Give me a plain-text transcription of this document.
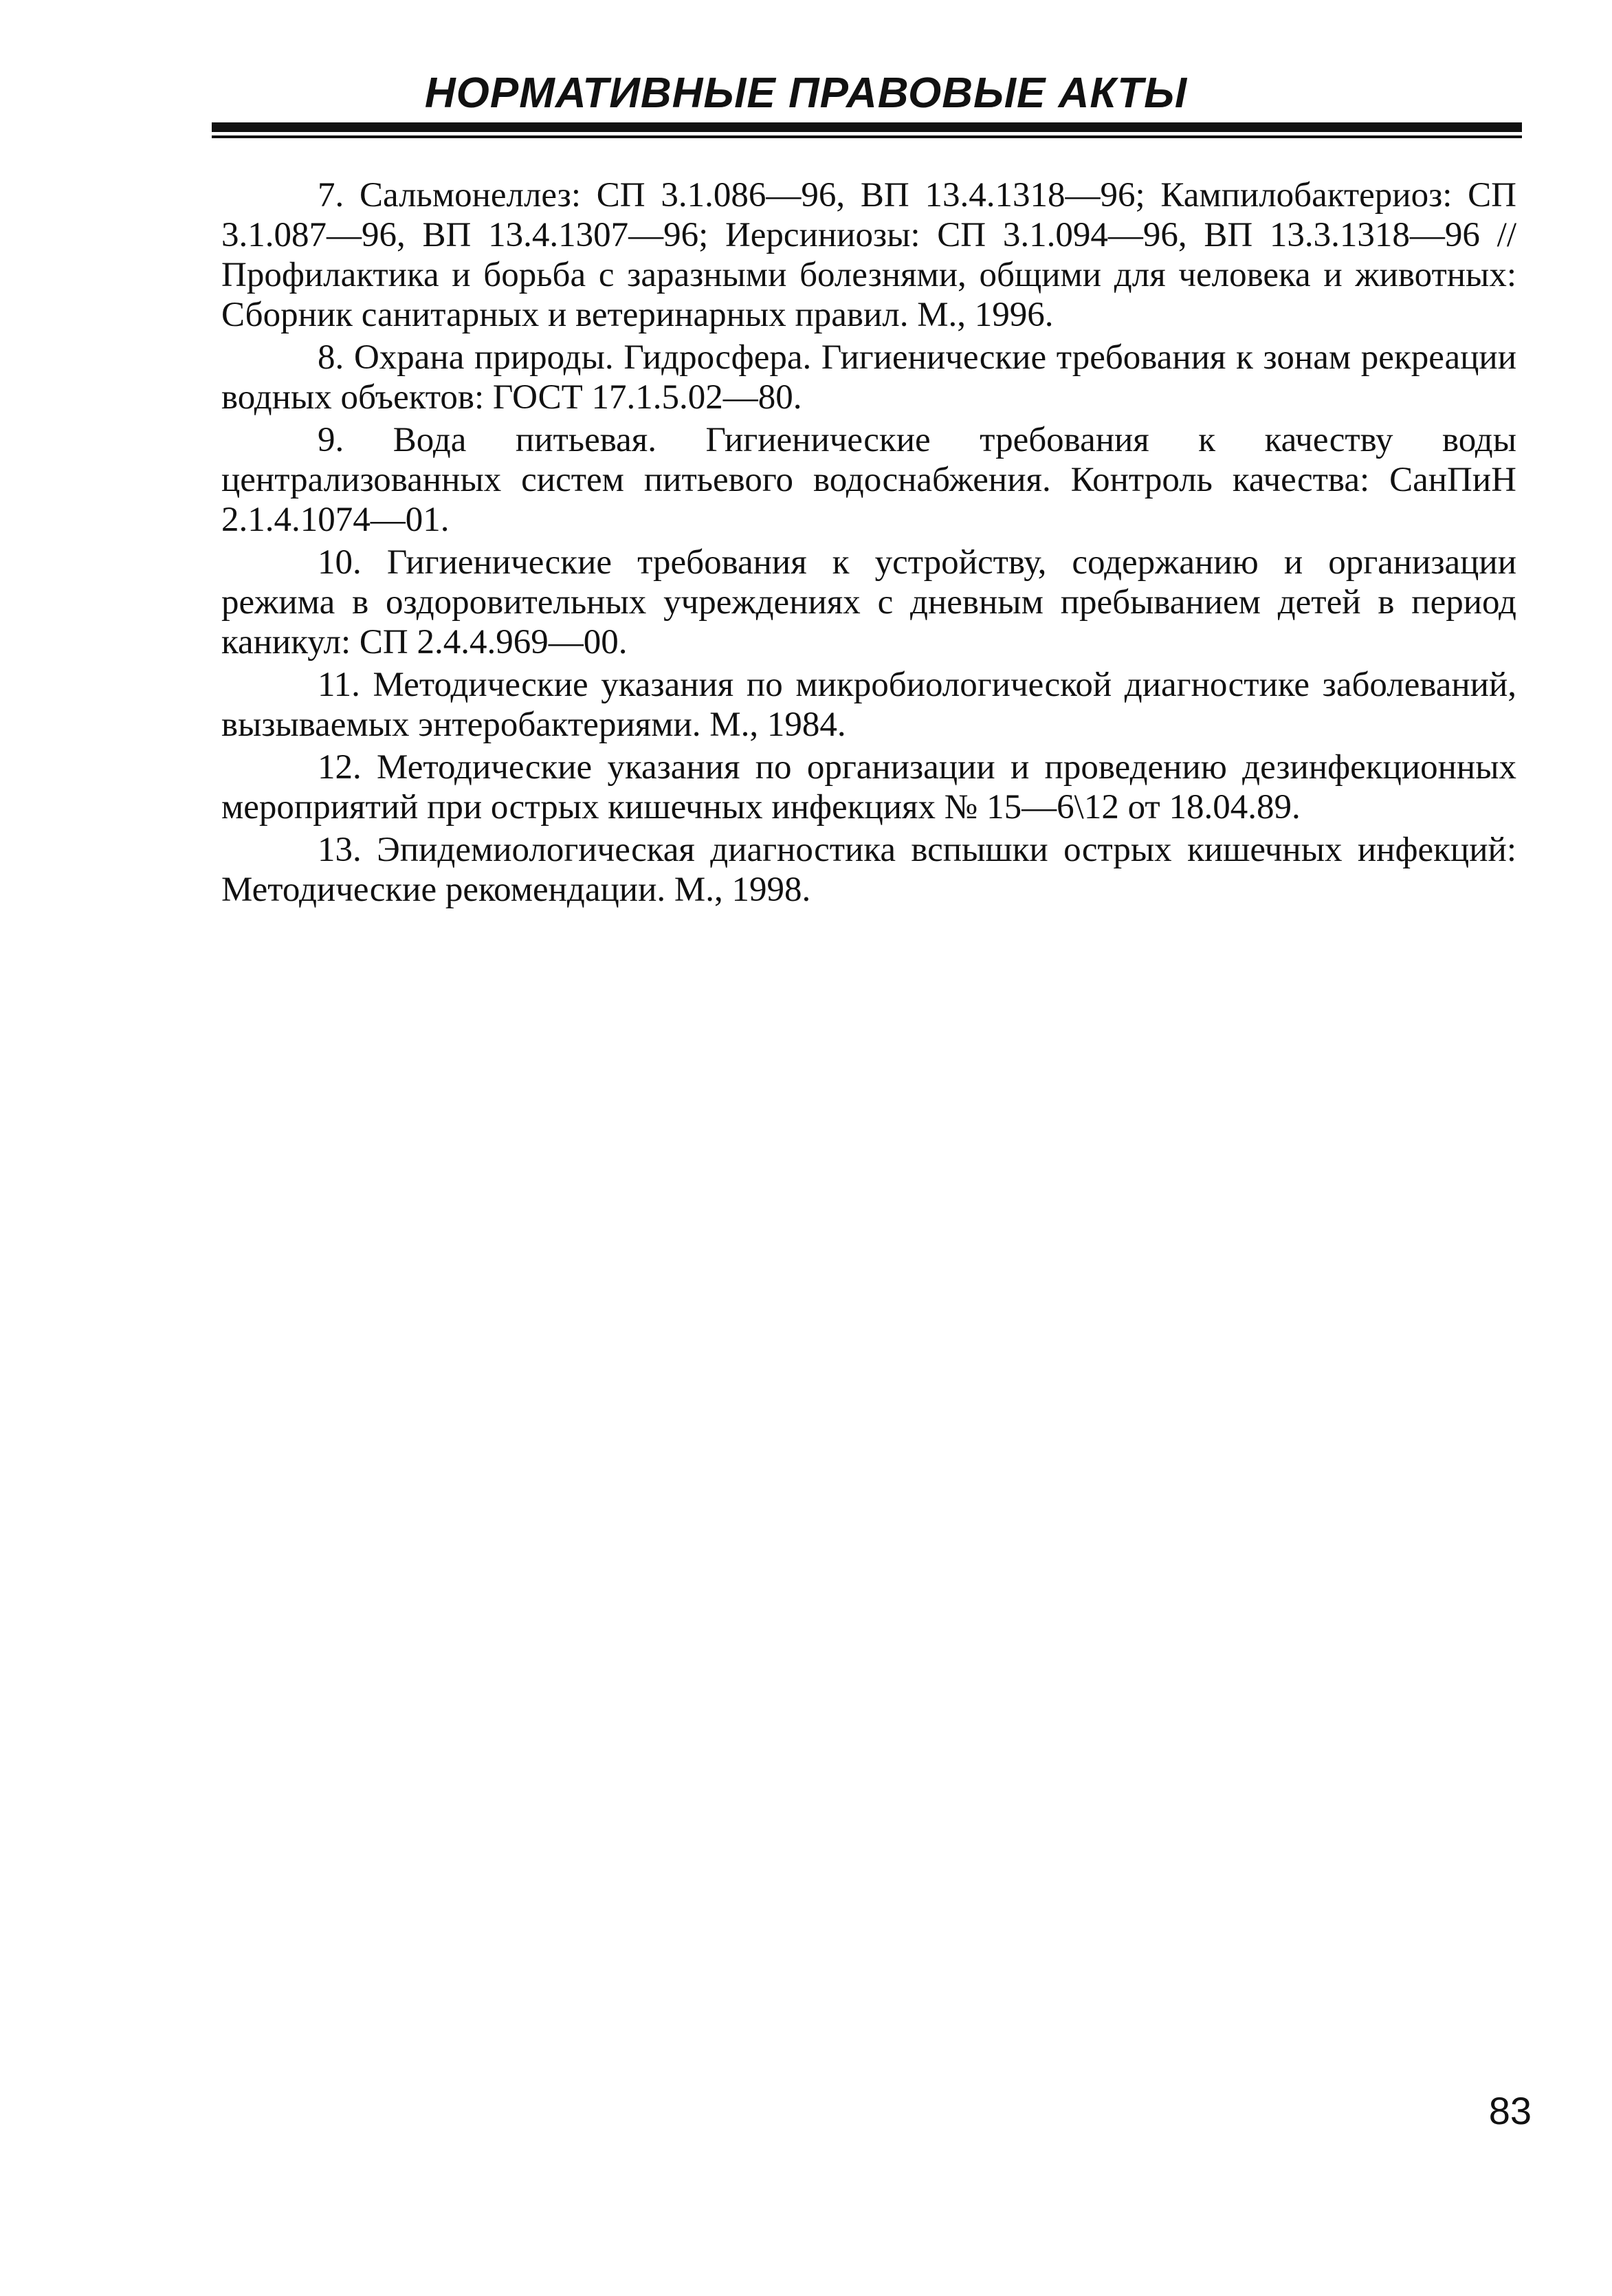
НОРМАТИВНЫЕ ПРАВОВЫЕ АКТЫ

7. Сальмонеллез: СП 3.1.086—96, ВП 13.4.1318—96; Кампилобактериоз: СП 3.1.087—96, ВП 13.4.1307—96; Иерсиниозы: СП 3.1.094—96, ВП 13.3.1318—96 // Профилактика и борьба с заразными болезнями, общими для человека и животных: Сборник санитарных и ветеринарных правил. М., 1996.

8. Охрана природы. Гидросфера. Гигиенические требования к зонам рекреации водных объектов: ГОСТ 17.1.5.02—80.

9. Вода питьевая. Гигиенические требования к качеству воды централизованных систем питьевого водоснабжения. Контроль качества: СанПиН 2.1.4.1074—01.

10. Гигиенические требования к устройству, содержанию и организации режима в оздоровительных учреждениях с дневным пребыванием детей в период каникул: СП 2.4.4.969—00.

11. Методические указания по микробиологической диагностике заболеваний, вызываемых энтеробактериями. М., 1984.

12. Методические указания по организации и проведению дезинфекционных мероприятий при острых кишечных инфекциях № 15—6\12 от 18.04.89.

13. Эпидемиологическая диагностика вспышки острых кишечных инфекций: Методические рекомендации. М., 1998.

83
